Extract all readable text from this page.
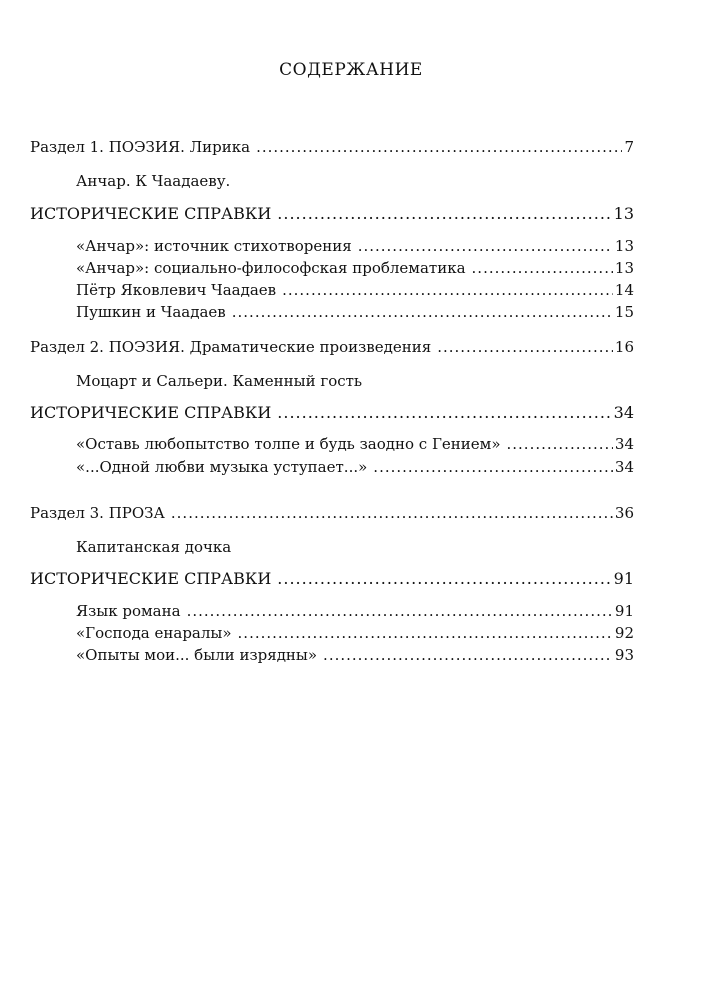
СОДЕРЖАНИЕ
Раздел 1. ПОЭЗИЯ. Лирика .....	7
Анчар. К Чаадаеву.
ИСТОРИЧЕСКИЕ СПРАВКИ .....	13
«Анчар»: источник стихотворения .....	13
«Анчар»: социально-философская проблематика .....	13
Пётр Яковлевич Чаадаев .....	14
Пушкин и Чаадаев .....	15
Раздел 2. ПОЭЗИЯ. Драматические произведения .....	16
Моцарт и Сальери. Каменный гость
ИСТОРИЧЕСКИЕ СПРАВКИ .....	34
«Оставь любопытство толпе и будь заодно с Гением» .....	34
«...Одной любви музыка уступает...» .....	34
Раздел 3. ПРОЗА .....	36
Капитанская дочка
ИСТОРИЧЕСКИЕ СПРАВКИ .....	91
Язык романа .....	91
«Господа енаралы» .....	92
«Опыты мои... были изрядны» .....	93
